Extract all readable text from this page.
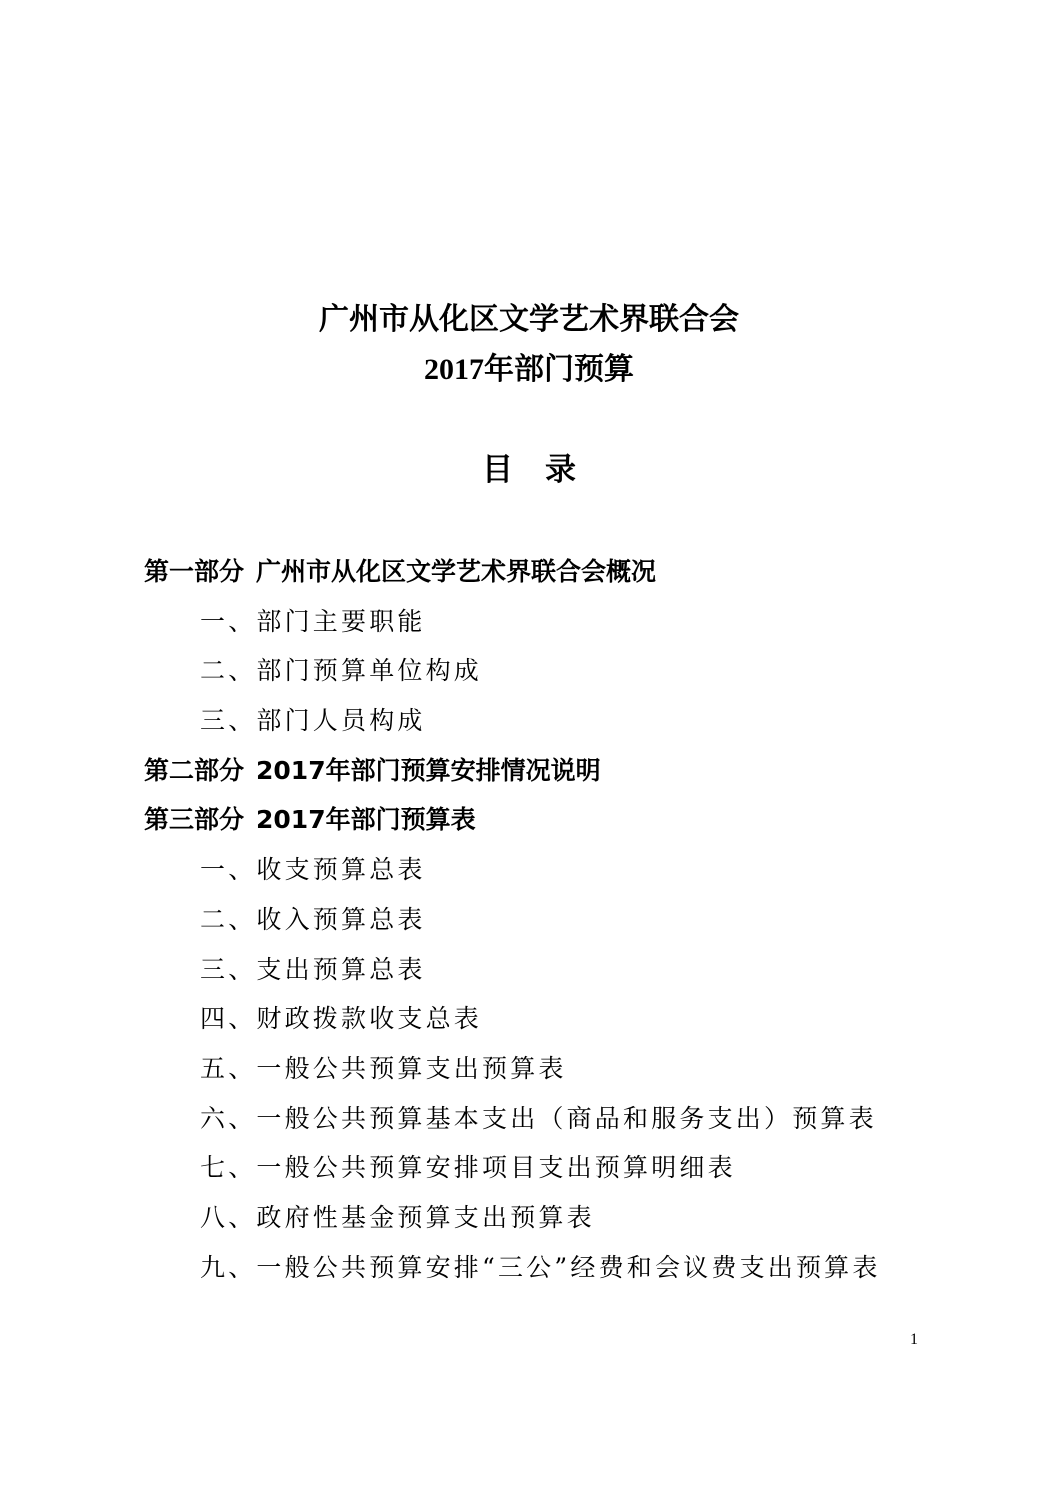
广州市从化区文学艺术界联合会
2017年部门预算
目录
第一部分 广州市从化区文学艺术界联合会概况
一、部门主要职能
二、部门预算单位构成
三、部门人员构成
第二部分 2017年部门预算安排情况说明
第三部分 2017年部门预算表
一、收支预算总表
二、收入预算总表
三、支出预算总表
四、财政拨款收支总表
五、一般公共预算支出预算表
六、一般公共预算基本支出（商品和服务支出）预算表
七、一般公共预算安排项目支出预算明细表
八、政府性基金预算支出预算表
九、一般公共预算安排“三公”经费和会议费支出预算表
1
